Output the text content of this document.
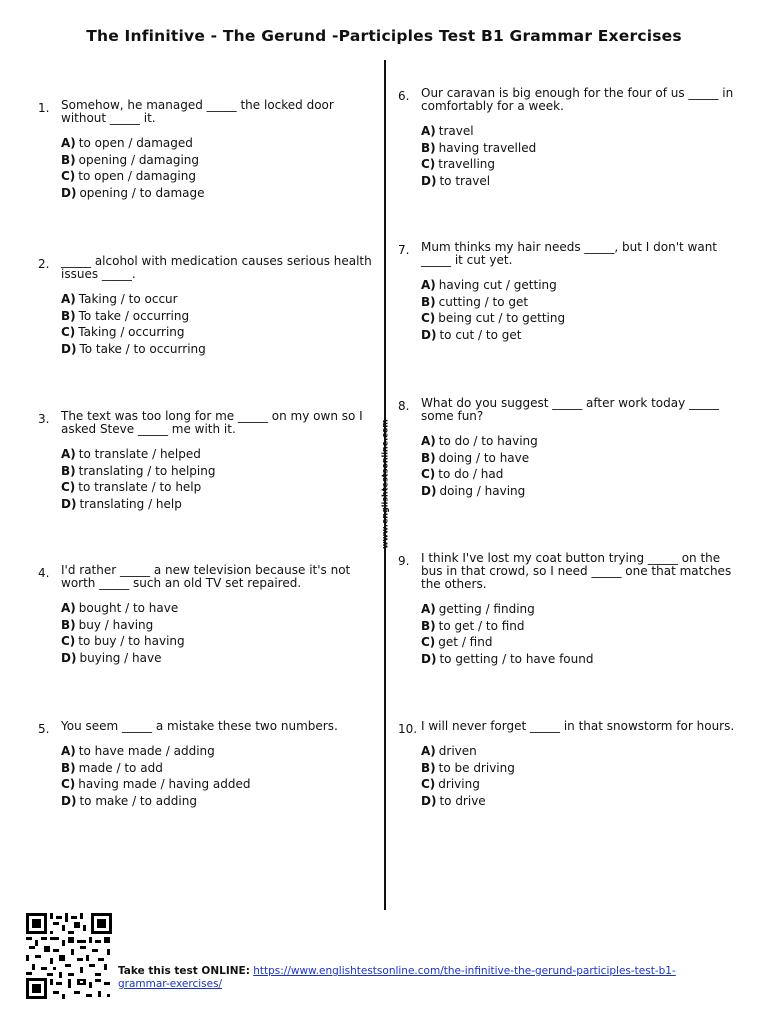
The Infinitive - The Gerund -Participles Test B1 Grammar Exercises
www.englishtestsonline.com
1. Somehow, he managed _____ the locked door without _____ it.
A) to open / damaged
B) opening / damaging
C) to open / damaging
D) opening / to damage
2. _____ alcohol with medication causes serious health issues _____.
A) Taking / to occur
B) To take / occurring
C) Taking / occurring
D) To take / to occurring
3. The text was too long for me _____ on my own so I asked Steve _____ me with it.
A) to translate / helped
B) translating / to helping
C) to translate / to help
D) translating / help
4. I'd rather _____ a new television because it's not worth _____ such an old TV set repaired.
A) bought / to have
B) buy / having
C) to buy / to having
D) buying / have
5. You seem _____ a mistake these two numbers.
A) to have made / adding
B) made / to add
C) having made / having added
D) to make / to adding
6. Our caravan is big enough for the four of us _____ in comfortably for a week.
A) travel
B) having travelled
C) travelling
D) to travel
7. Mum thinks my hair needs _____, but I don't want _____ it cut yet.
A) having cut / getting
B) cutting / to get
C) being cut / to getting
D) to cut / to get
8. What do you suggest _____ after work today _____ some fun?
A) to do / to having
B) doing / to have
C) to do / had
D) doing / having
9. I think I've lost my coat button trying _____ on the bus in that crowd, so I need _____ one that matches the others.
A) getting / finding
B) to get / to find
C) get / find
D) to getting / to have found
10. I will never forget _____ in that snowstorm for hours.
A) driven
B) to be driving
C) driving
D) to drive
Take this test ONLINE: https://www.englishtestsonline.com/the-infinitive-the-gerund-participles-test-b1-grammar-exercises/
